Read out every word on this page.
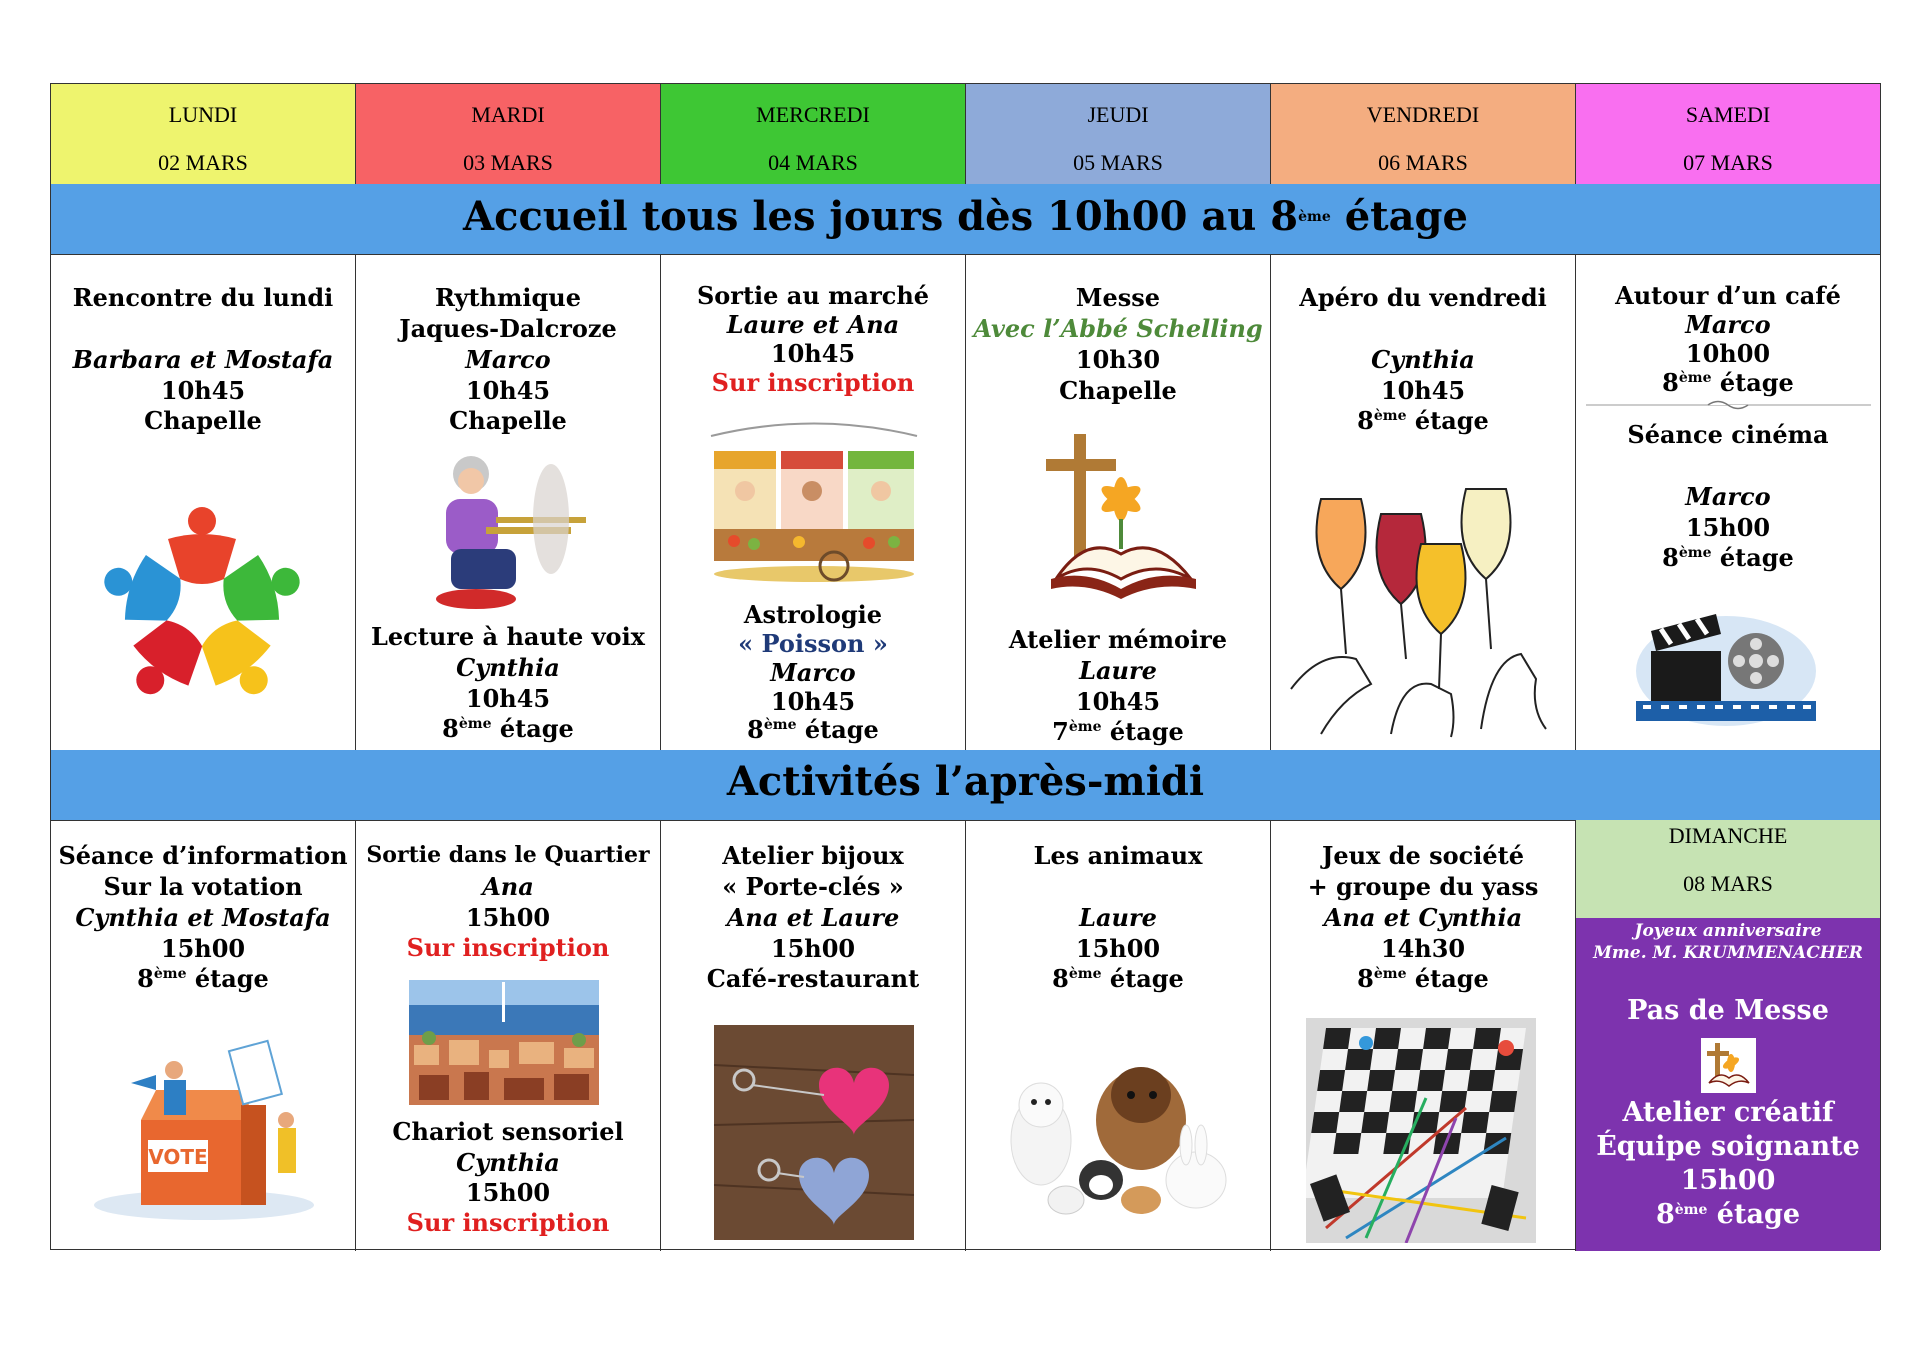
LUNDI
02 MARS
MARDI
03 MARS
MERCREDI
04 MARS
JEUDI
05 MARS
VENDREDI
06 MARS
SAMEDI
07 MARS
Accueil tous les jours dès 10h00 au 8ème étage
Rencontre du lundi
Barbara et Mostafa
10h45
Chapelle
Rythmique
Jaques-Dalcroze
Marco
10h45
Chapelle
Lecture à haute voix
Cynthia
10h45
8ème étage
Sortie au marché
Laure et Ana
10h45
Sur inscription
Astrologie
« Poisson »
Marco
10h45
8ème étage
Messe
Avec l’Abbé Schelling
10h30
Chapelle
Atelier mémoire
Laure
10h45
7ème étage
Apéro du vendredi
Cynthia
10h45
8ème étage
Autour d’un café
Marco
10h00
8ème étage
Séance cinéma
Marco
15h00
8ème étage
Activités l’après-midi
Séance d’information
Sur la votation
Cynthia et Mostafa
15h00
8ème étage
VOTE
Sortie dans le Quartier
Ana
15h00
Sur inscription
Chariot sensoriel
Cynthia
15h00
Sur inscription
Atelier bijoux
« Porte-clés »
Ana et Laure
15h00
Café-restaurant
Les animaux
Laure
15h00
8ème étage
Jeux de société
+ groupe du yass
Ana et Cynthia
14h30
8ème étage
DIMANCHE
08 MARS
Joyeux anniversaire
Mme. M. KRUMMENACHER
Pas de Messe
Atelier créatif
Équipe soignante
15h00
8ème étage
